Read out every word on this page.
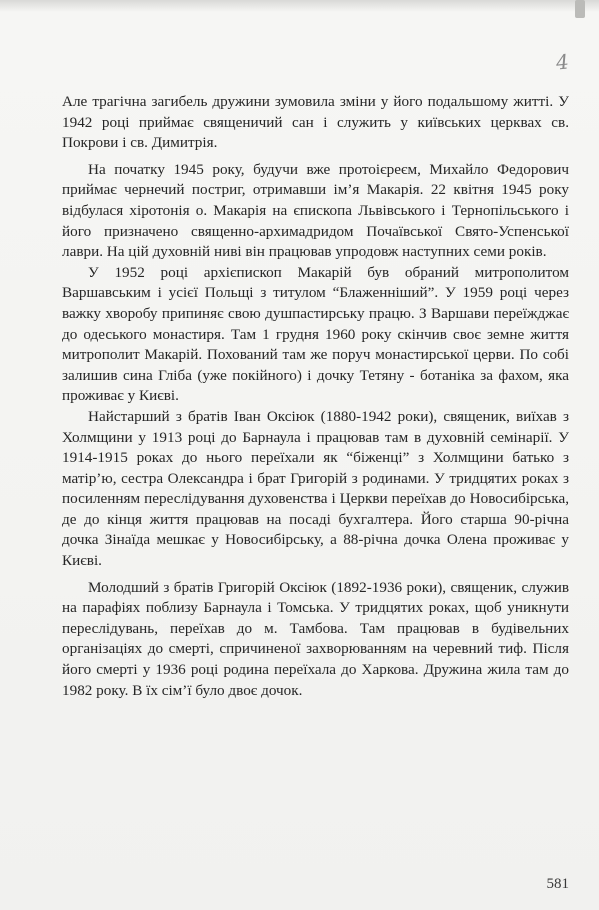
4

Але трагічна загибель дружини зумовила зміни у його подальшому житті. У 1942 році приймає священичий сан і служить у київських церквах св. Покрови і св. Димитрія.

На початку 1945 року, будучи вже протоієреєм, Михайло Федорович приймає чернечий постриг, отримавши ім’я Макарія. 22 квітня 1945 року відбулася хіротонія о. Макарія на єпископа Львівського і Тернопільського і його призначено священно-архимадридом Почаївської Свято-Успенської лаври. На цій духовній ниві він працював упродовж наступних семи років.

У 1952 році архієпископ Макарій був обраний митрополитом Варшавським і усієї Польщі з титулом “Блаженніший”. У 1959 році через важку хворобу припиняє свою душпастирську працю. З Варшави переїжджає до одеського монастиря. Там 1 грудня 1960 року скінчив своє земне життя митрополит Макарій. Похований там же поруч монастирської церви. По собі залишив сина Гліба (уже покійного) і дочку Тетяну - ботаніка за фахом, яка проживає у Києві.

Найстарший з братів Іван Оксіюк (1880-1942 роки), священик, виїхав з Холмщини у 1913 році до Барнаула і працював там в духовній семінарії. У 1914-1915 роках до нього переїхали як “біженці” з Холмщини батько з матір’ю, сестра Олександра і брат Григорій з родинами. У тридцятих роках з посиленням переслідування духовенства і Церкви переїхав до Новосибірська, де до кінця життя працював на посаді бухгалтера. Його старша 90-річна дочка Зінаїда мешкає у Новосибірську, а 88-річна дочка Олена проживає у Києві.

Молодший з братів Григорій Оксіюк (1892-1936 роки), священик, служив на парафіях поблизу Барнаула і Томська. У тридцятих роках, щоб уникнути переслідувань, переїхав до м. Тамбова. Там працював в будівельних організаціях до смерті, спричиненої захворюванням на черевний тиф. Після його смерті у 1936 році родина переїхала до Харкова. Дружина жила там до 1982 року. В їх сім’ї було двоє дочок.

581
